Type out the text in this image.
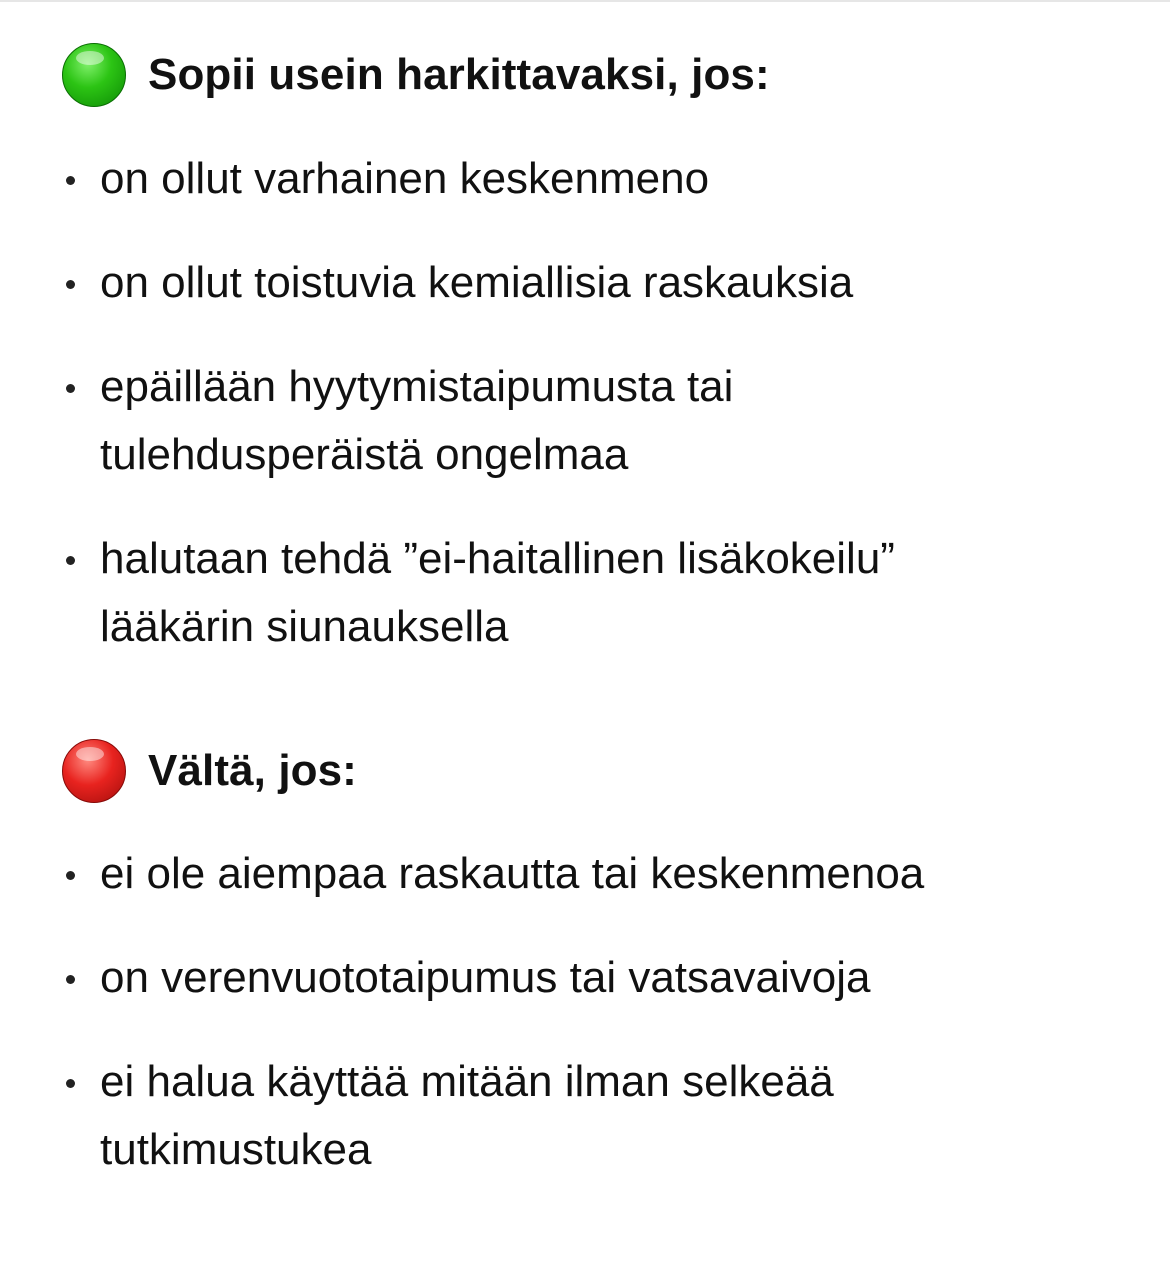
Sopii usein harkittavaksi, jos:
on ollut varhainen keskenmeno
on ollut toistuvia kemiallisia raskauksia
epäillään hyytymistaipumusta tai tulehdusperäistä ongelmaa
halutaan tehdä ”ei-haitallinen lisäkokeilu” lääkärin siunauksella
Vältä, jos:
ei ole aiempaa raskautta tai keskenmenoa
on verenvuototaipumus tai vatsavaivoja
ei halua käyttää mitään ilman selkeää tutkimustukea
